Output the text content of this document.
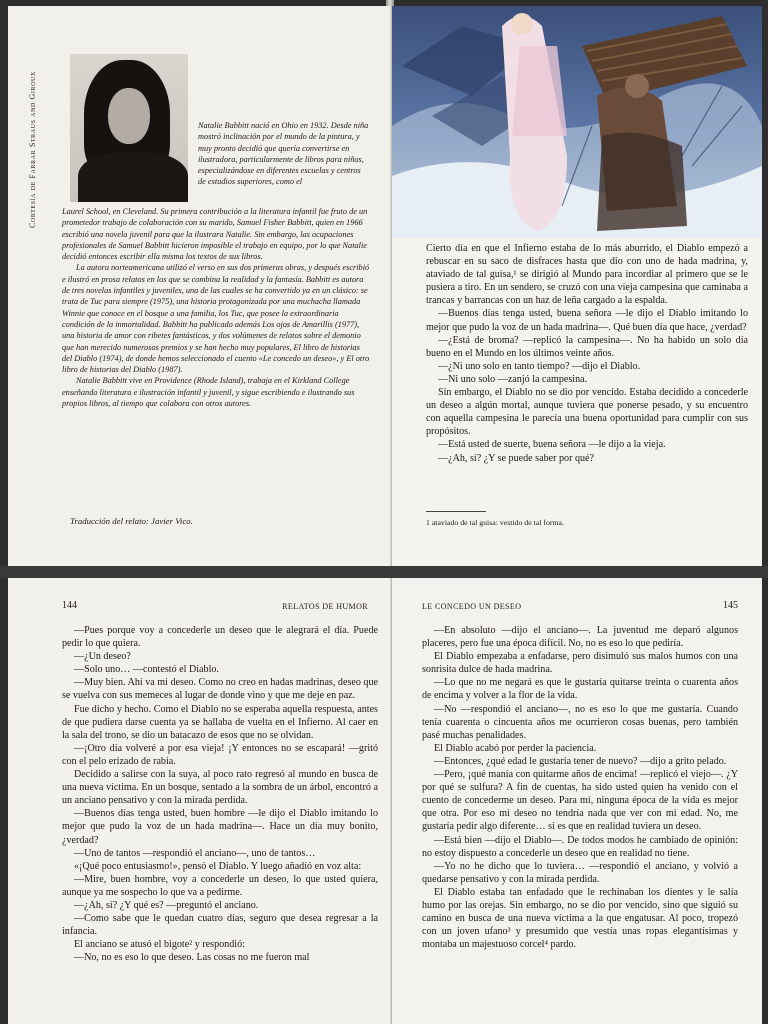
Cortesía de Farrar Straus and Giroux	Natalie Babbitt nació en Ohio en 1932. Desde niña mostró inclinación por el mundo de la pintura, y muy pronto decidió que quería convertirse en ilustradora, particularmente de libros para niños, especializándose en diferentes escuelas y centros de estudios superiores, como el

Laurel School, en Cleveland. Su primera contribución a la literatura infantil fue fruto de un prometedor trabajo de colaboración con su marido, Samuel Fisher Babbitt, quien en 1966 escribió una novela juvenil para que la ilustrara Natalie. Sin embargo, las ocupaciones profesionales de Samuel Babbitt hicieron imposible el trabajo en equipo, por lo que Natalie decidió entonces escribir ella misma los textos de sus libros.

La autora norteamericana utilizó el verso en sus dos primeras obras, y después escribió e ilustró en prosa relatos en los que se combina la realidad y la fantasía. Babbitt es autora de tres novelas infantiles y juveniles, una de las cuales se ha convertido ya en un clásico: se trata de Tuc para siempre (1975), una historia protagonizada por una muchacha llamada Winnie que conoce en el bosque a una familia, los Tuc, que posee la extraordinaria condición de la inmortalidad. Babbitt ha publicado además Los ojos de Amarillis (1977), una historia de amor con ribetes fantásticos, y dos volúmenes de relatos sobre el demonio que han merecido numerosos premios y se han hecho muy populares, El libro de historias del Diablo (1974), de donde hemos seleccionado el cuento «Le concedo un deseo», y El otro libro de historias del Diablo (1987).

Natalie Babbitt vive en Providence (Rhode Island), trabaja en el Kirkland College enseñando literatura e ilustración infantil y juvenil, y sigue escribiendo e ilustrando sus propios libros, al tiempo que colabora con otros autores.

Traducción del relato: Javier Vico.

Cierto día en que el Infierno estaba de lo más aburrido, el Diablo empezó a rebuscar en su saco de disfraces hasta que dio con uno de hada madrina, y, ataviado de tal guisa,¹ se dirigió al Mundo para incordiar al primero que se le pusiera a tiro. En un sendero, se cruzó con una vieja campesina que caminaba a trancas y barrancas con un haz de leña cargado a la espalda.

—Buenos días tenga usted, buena señora —le dijo el Diablo imitando lo mejor que pudo la voz de un hada madrina—. Qué buen día que hace, ¿verdad?

—¿Está de broma? —replicó la campesina—. No ha habido un solo día bueno en el Mundo en los últimos veinte años.

—¿Ni uno solo en tanto tiempo? —dijo el Diablo.

—Ni uno solo —zanjó la campesina.

Sin embargo, el Diablo no se dio por vencido. Estaba decidido a concederle un deseo a algún mortal, aunque tuviera que ponerse pesado, y su encuentro con aquella campesina le parecía una buena oportunidad para cumplir con sus propósitos.

—Está usted de suerte, buena señora —le dijo a la vieja.

—¿Ah, sí? ¿Y se puede saber por qué?

1 ataviado de tal guisa: vestido de tal forma.
144	RELATOS DE HUMOR

—Pues porque voy a concederle un deseo que le alegrará el día. Puede pedir lo que quiera.

—¿Un deseo?

—Solo uno… —contestó el Diablo.

—Muy bien. Ahí va mi deseo. Como no creo en hadas madrinas, deseo que se vuelva con sus memeces al lugar de donde vino y que me deje en paz.

Fue dicho y hecho. Como el Diablo no se esperaba aquella respuesta, antes de que pudiera darse cuenta ya se hallaba de vuelta en el Infierno. Al caer en la sala del trono, se dio un batacazo de esos que no se olvidan.

—¡Otro día volveré a por esa vieja! ¡Y entonces no se escapará! —gritó con el pelo erizado de rabia.

Decidido a salirse con la suya, al poco rato regresó al mundo en busca de una nueva víctima. En un bosque, sentado a la sombra de un árbol, encontró a un anciano pensativo y con la mirada perdida.

—Buenos días tenga usted, buen hombre —le dijo el Diablo imitando lo mejor que pudo la voz de un hada madrina—. Hace un día muy bonito, ¿verdad?

—Uno de tantos —respondió el anciano—, uno de tantos…

«¡Qué poco entusiasmo!», pensó el Diablo. Y luego añadió en voz alta:

—Mire, buen hombre, voy a concederle un deseo, lo que usted quiera, aunque ya me sospecho lo que va a pedirme.

—¿Ah, sí? ¿Y qué es? —preguntó el anciano.

—Como sabe que le quedan cuatro días, seguro que desea regresar a la infancia.

El anciano se atusó el bigote² y respondió:

—No, no es eso lo que deseo. Las cosas no me fueron mal

LE CONCEDO UN DESEO	145

—En absoluto —dijo el anciano—. La juventud me deparó algunos placeres, pero fue una época difícil. No, no es eso lo que pediría.

El Diablo empezaba a enfadarse, pero disimuló sus malos humos con una sonrisita dulce de hada madrina.

—Lo que no me negará es que le gustaría quitarse treinta o cuarenta años de encima y volver a la flor de la vida.

—No —respondió el anciano—, no es eso lo que me gustaría. Cuando tenía cuarenta o cincuenta años me ocurrieron cosas buenas, pero también pasé muchas penalidades.

El Diablo acabó por perder la paciencia.

—Entonces, ¿qué edad le gustaría tener de nuevo? —dijo a grito pelado.

—Pero, ¡qué manía con quitarme años de encima! —replicó el viejo—. ¿Y por qué se sulfura? A fin de cuentas, ha sido usted quien ha venido con el cuento de concederme un deseo. Para mí, ninguna época de la vida es mejor que otra. Por eso mi deseo no tendría nada que ver con mi edad. No, me gustaría pedir algo diferente… si es que en realidad tuviera un deseo.

—Está bien —dijo el Diablo—. De todos modos he cambiado de opinión: no estoy dispuesto a concederle un deseo que en realidad no tiene.

—Yo no he dicho que lo tuviera… —respondió el anciano, y volvió a quedarse pensativo y con la mirada perdida.

El Diablo estaba tan enfadado que le rechinaban los dientes y le salía humo por las orejas. Sin embargo, no se dio por vencido, sino que siguió su camino en busca de una nueva víctima a la que engatusar. Al poco, tropezó con un joven ufano³ y presumido que vestía unas ropas elegantísimas y montaba un majestuoso corcel⁴ pardo.
